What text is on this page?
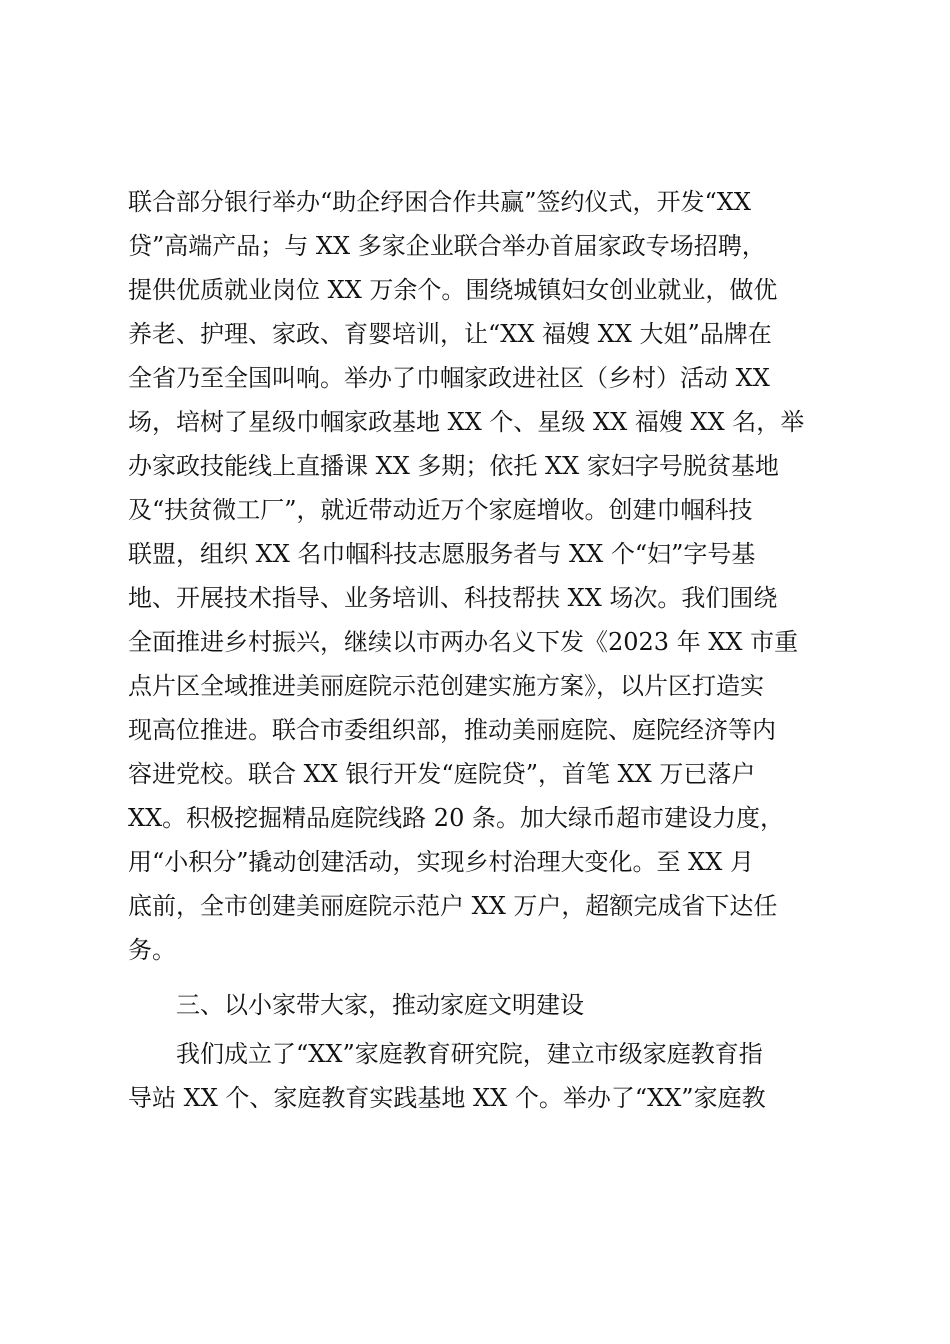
联合部分银行举办“助企纾困合作共赢”签约仪式，开发“XX
贷”高端产品；与 XX 多家企业联合举办首届家政专场招聘，
提供优质就业岗位 XX 万余个。围绕城镇妇女创业就业，做优
养老、护理、家政、育婴培训，让“XX 福嫂 XX 大姐”品牌在
全省乃至全国叫响。举办了巾帼家政进社区（乡村）活动 XX
场，培树了星级巾帼家政基地 XX 个、星级 XX 福嫂 XX 名，举
办家政技能线上直播课 XX 多期；依托 XX 家妇字号脱贫基地
及“扶贫微工厂”，就近带动近万个家庭增收。创建巾帼科技
联盟，组织 XX 名巾帼科技志愿服务者与 XX 个“妇”字号基
地、开展技术指导、业务培训、科技帮扶 XX 场次。我们围绕
全面推进乡村振兴，继续以市两办名义下发《2023 年 XX 市重
点片区全域推进美丽庭院示范创建实施方案》，以片区打造实
现高位推进。联合市委组织部，推动美丽庭院、庭院经济等内
容进党校。联合 XX 银行开发“庭院贷”，首笔 XX 万已落户
XX。积极挖掘精品庭院线路 20 条。加大绿币超市建设力度，
用“小积分”撬动创建活动，实现乡村治理大变化。至 XX 月
底前，全市创建美丽庭院示范户 XX 万户，超额完成省下达任
务。
三、以小家带大家，推动家庭文明建设
我们成立了“XX”家庭教育研究院，建立市级家庭教育指
导站 XX 个、家庭教育实践基地 XX 个。举办了“XX”家庭教
